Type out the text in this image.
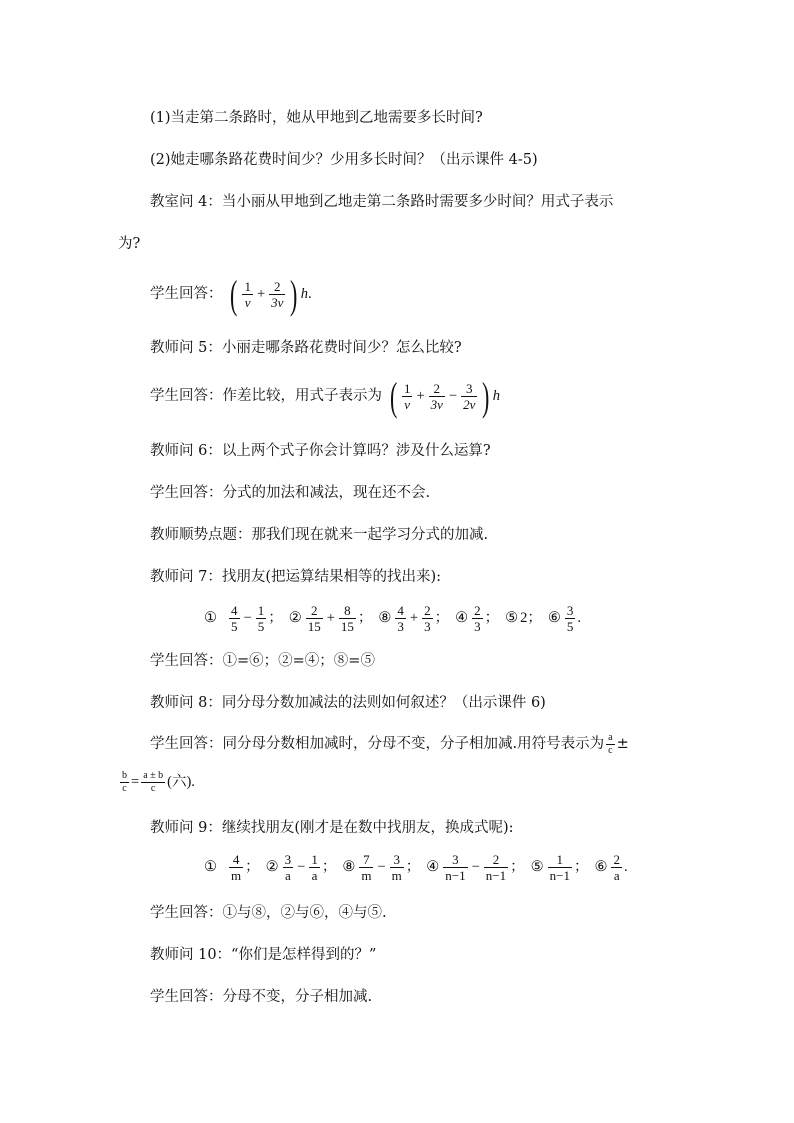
(1)当走第二条路时，她从甲地到乙地需要多长时间?
(2)她走哪条路花费时间少？少用多长时间？（出示课件 4-5)
教室问 4：当小丽从甲地到乙地走第二条路时需要多少时间？用式子表示
为?
学生回答： ( $\frac{1}{v} + \frac{2}{3v}$ ) h.
教师问 5：小丽走哪条路花费时间少？怎么比较?
学生回答：作差比较，用式子表示为 ( $\frac{1}{v} + \frac{2}{3v} - \frac{3}{2v}$ ) h
教师问 6：以上两个式子你会计算吗？涉及什么运算?
学生回答：分式的加法和减法，现在还不会.
教师顺势点题：那我们现在就来一起学习分式的加减.
教师问 7：找朋友(把运算结果相等的找出来):
① $\frac{4}{5} - \frac{1}{5}$ ； ② $\frac{2}{15} + \frac{8}{15}$ ； ⑧ $\frac{4}{3} + \frac{2}{3}$ ； ④ $\frac{2}{3}$ ； ⑤ 2； ⑥ $\frac{3}{5}$ .
学生回答：①=⑥；②=④；⑧=⑤
教师问 8：同分母分数加减法的法则如何叙述？（出示课件 6)
学生回答：同分母分数相加减时，分母不变，分子相加减.用符号表示为 $\frac{a}{c}$ ±
$\frac{b}{c} = \frac{a \pm b}{c}$ (六).
教师问 9：继续找朋友(刚才是在数中找朋友，换成式呢):
① $\frac{4}{m}$ ； ② $\frac{3}{a} - \frac{1}{a}$ ； ⑧ $\frac{7}{m} - \frac{3}{m}$ ； ④ $\frac{3}{n-1} - \frac{2}{n-1}$ ； ⑤ $\frac{1}{n-1}$ ； ⑥ $\frac{2}{a}$ .
学生回答：①与⑧，②与⑥，④与⑤.
教师问 10：“你们是怎样得到的？”
学生回答：分母不变，分子相加减.
